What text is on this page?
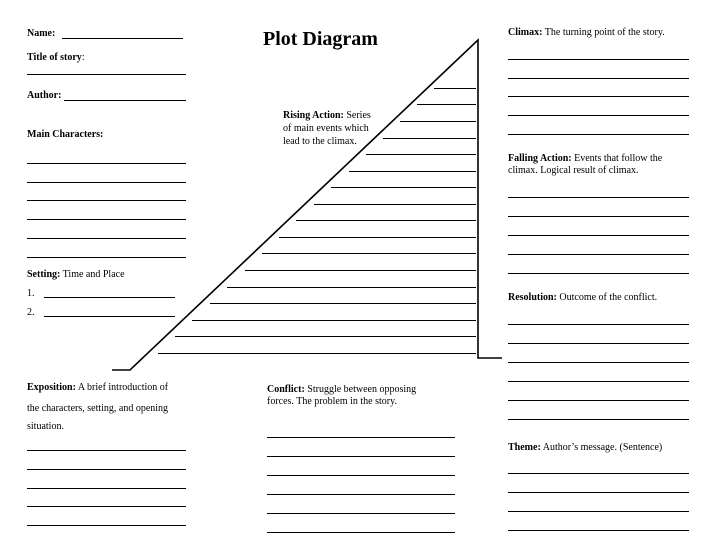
Plot Diagram
Name:
Title of story:
Author:
Main Characters:
Setting: Time and Place
1.
2.
Exposition: A brief introduction of
the characters, setting, and opening
situation.
Conflict: Struggle between opposing
forces. The problem in the story.
Rising Action: Series
of main events which
lead to the climax.
Climax: The turning point of the story.
Falling Action: Events that follow the
climax. Logical result of climax.
Resolution: Outcome of the conflict.
Theme: Author’s message. (Sentence)
